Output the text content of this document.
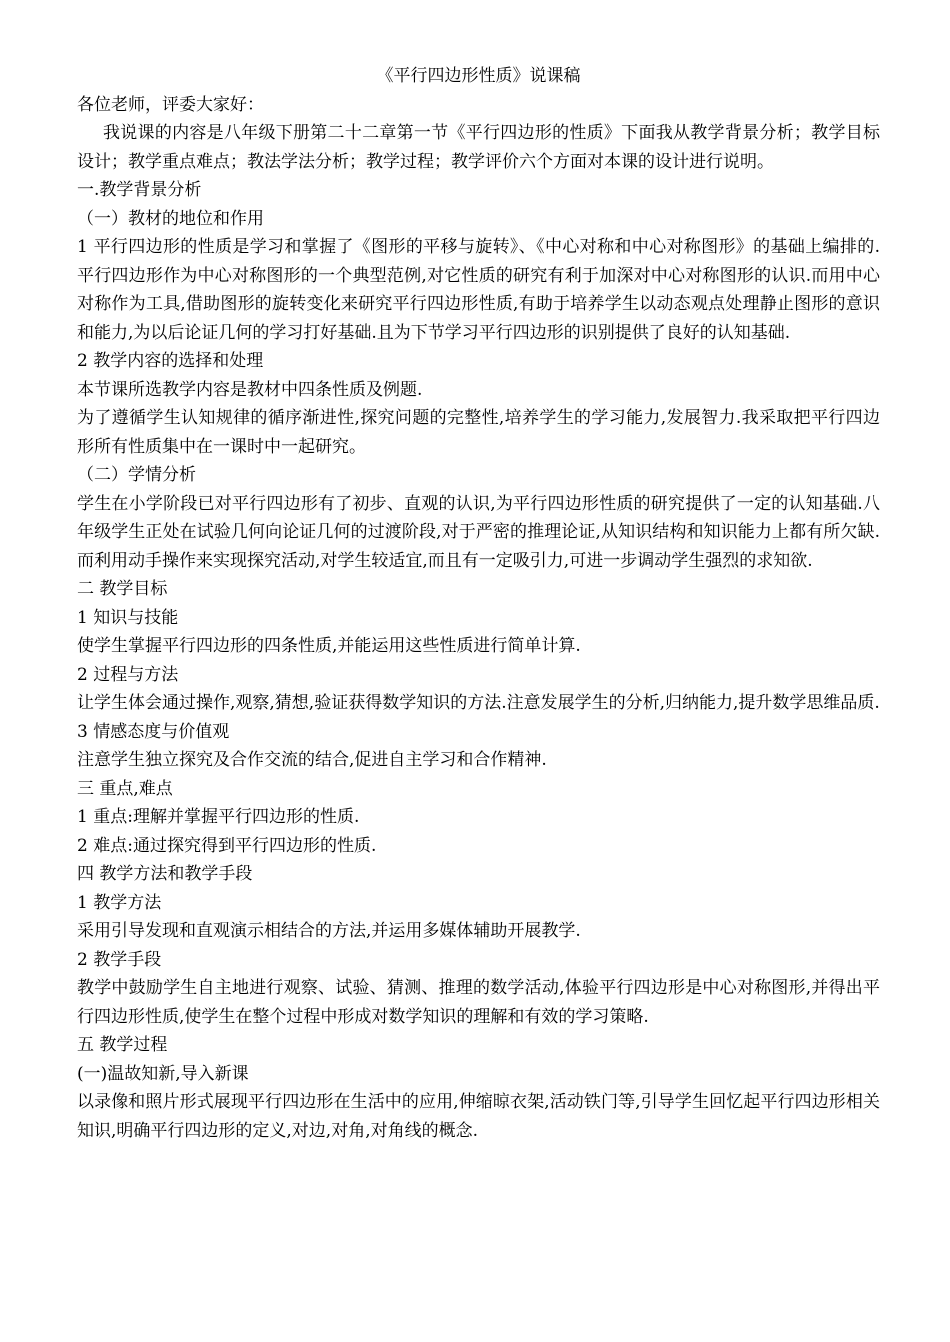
《平行四边形性质》说课稿

各位老师，评委大家好：

我说课的内容是八年级下册第二十二章第一节《平行四边形的性质》下面我从教学背景分析；教学目标设计；教学重点难点；教法学法分析；教学过程；教学评价六个方面对本课的设计进行说明。

一.教学背景分析

（一）教材的地位和作用

1 平行四边形的性质是学习和掌握了《图形的平移与旋转》、《中心对称和中心对称图形》的基础上编排的.平行四边形作为中心对称图形的一个典型范例,对它性质的研究有利于加深对中心对称图形的认识.而用中心对称作为工具,借助图形的旋转变化来研究平行四边形性质,有助于培养学生以动态观点处理静止图形的意识和能力,为以后论证几何的学习打好基础.且为下节学习平行四边形的识别提供了良好的认知基础.

2 教学内容的选择和处理

本节课所选教学内容是教材中四条性质及例题.

为了遵循学生认知规律的循序渐进性,探究问题的完整性,培养学生的学习能力,发展智力.我采取把平行四边形所有性质集中在一课时中一起研究。

（二）学情分析

学生在小学阶段已对平行四边形有了初步、直观的认识,为平行四边形性质的研究提供了一定的认知基础.八年级学生正处在试验几何向论证几何的过渡阶段,对于严密的推理论证,从知识结构和知识能力上都有所欠缺.而利用动手操作来实现探究活动,对学生较适宜,而且有一定吸引力,可进一步调动学生强烈的求知欲.

二 教学目标

1 知识与技能

使学生掌握平行四边形的四条性质,并能运用这些性质进行简单计算.

2 过程与方法

让学生体会通过操作,观察,猜想,验证获得数学知识的方法.注意发展学生的分析,归纳能力,提升数学思维品质.

3 情感态度与价值观

注意学生独立探究及合作交流的结合,促进自主学习和合作精神.

三 重点,难点

1 重点:理解并掌握平行四边形的性质.

2 难点:通过探究得到平行四边形的性质.

四 教学方法和教学手段

1 教学方法

采用引导发现和直观演示相结合的方法,并运用多媒体辅助开展教学.

2 教学手段

教学中鼓励学生自主地进行观察、试验、猜测、推理的数学活动,体验平行四边形是中心对称图形,并得出平行四边形性质,使学生在整个过程中形成对数学知识的理解和有效的学习策略.

五 教学过程

(一)温故知新,导入新课

以录像和照片形式展现平行四边形在生活中的应用,伸缩晾衣架,活动铁门等,引导学生回忆起平行四边形相关知识,明确平行四边形的定义,对边,对角,对角线的概念.
